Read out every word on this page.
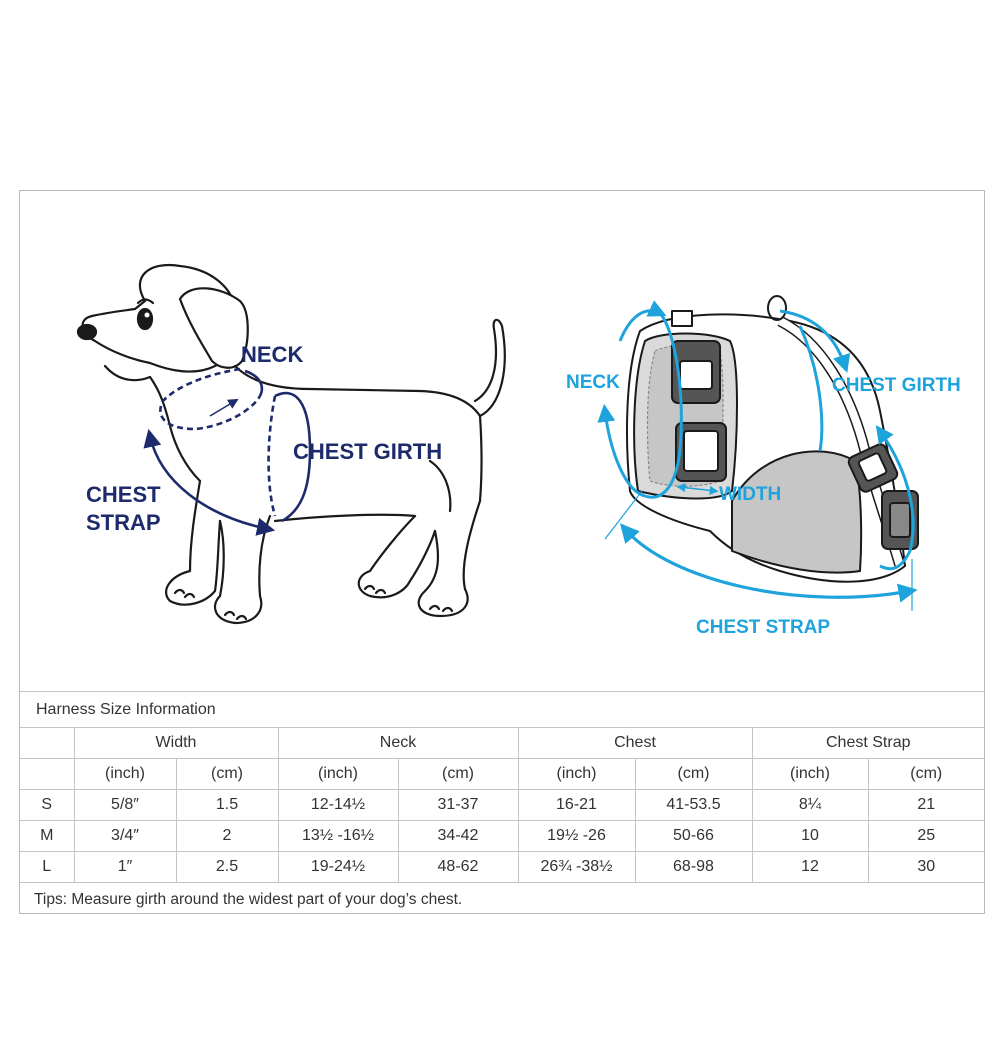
NECK
CHEST GIRTH
CHEST
STRAP
NECK	CHEST GIRTH
WIDTH
CHEST STRAP
Harness Size Information								
	Width		Neck		Chest		Chest Strap	
	(inch)	(cm)	(inch)	(cm)	(inch)	(cm)	(inch)	(cm)
S	5/8″	1.5	12-14½	31-37	16-21	41-53.5	8¼	21
M	3/4″	2	13½ -16½	34-42	19½ -26	50-66	10	25
L	1″	2.5	19-24½	48-62	26¾ -38½	68-98	12	30
Tips: Measure girth around the widest part of your dog’s chest.								
